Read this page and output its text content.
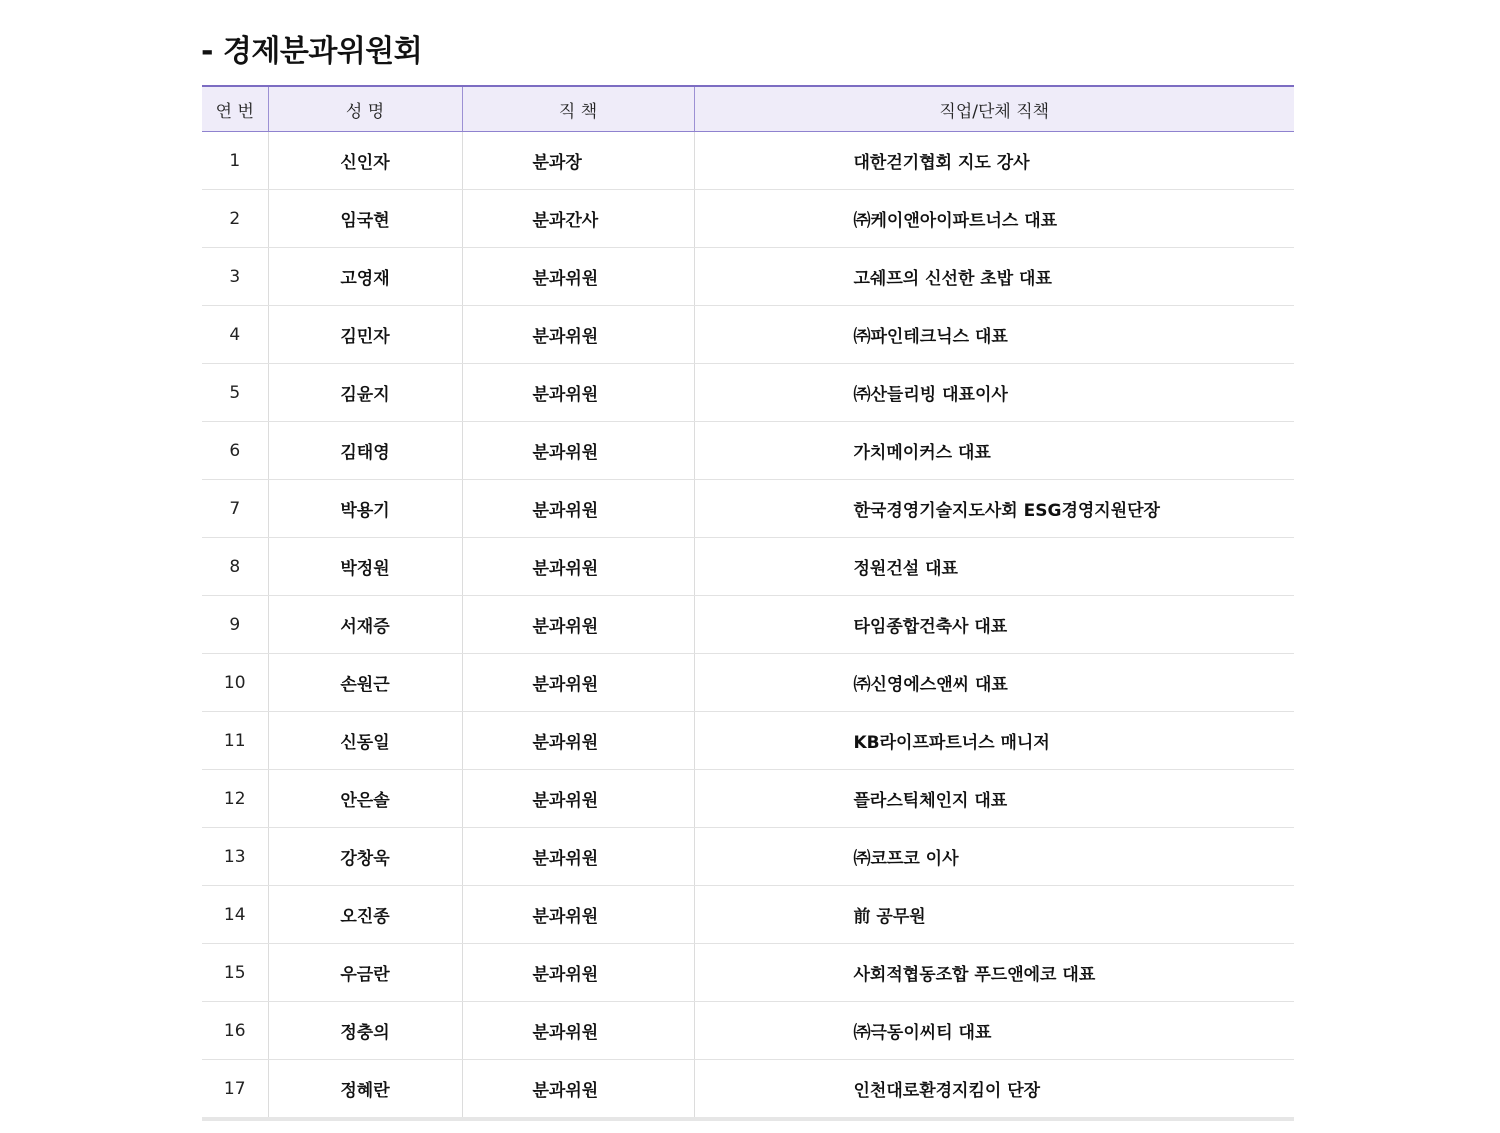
- 경제분과위원회
연 번	성 명	직 책	직업/단체 직책
1	신인자	분과장	대한걷기협회 지도 강사
2	임국현	분과간사	㈜케이앤아이파트너스 대표
3	고영재	분과위원	고쉐프의 신선한 초밥 대표
4	김민자	분과위원	㈜파인테크닉스 대표
5	김윤지	분과위원	㈜산들리빙 대표이사
6	김태영	분과위원	가치메이커스 대표
7	박용기	분과위원	한국경영기술지도사회 ESG경영지원단장
8	박정원	분과위원	정원건설 대표
9	서재증	분과위원	타임종합건축사 대표
10	손원근	분과위원	㈜신영에스앤씨 대표
11	신동일	분과위원	KB라이프파트너스 매니저
12	안은솔	분과위원	플라스틱체인지 대표
13	강창욱	분과위원	㈜코프코 이사
14	오진종	분과위원	前 공무원
15	우금란	분과위원	사회적협동조합 푸드앤에코 대표
16	정충의	분과위원	㈜극동이씨티 대표
17	정혜란	분과위원	인천대로환경지킴이 단장
